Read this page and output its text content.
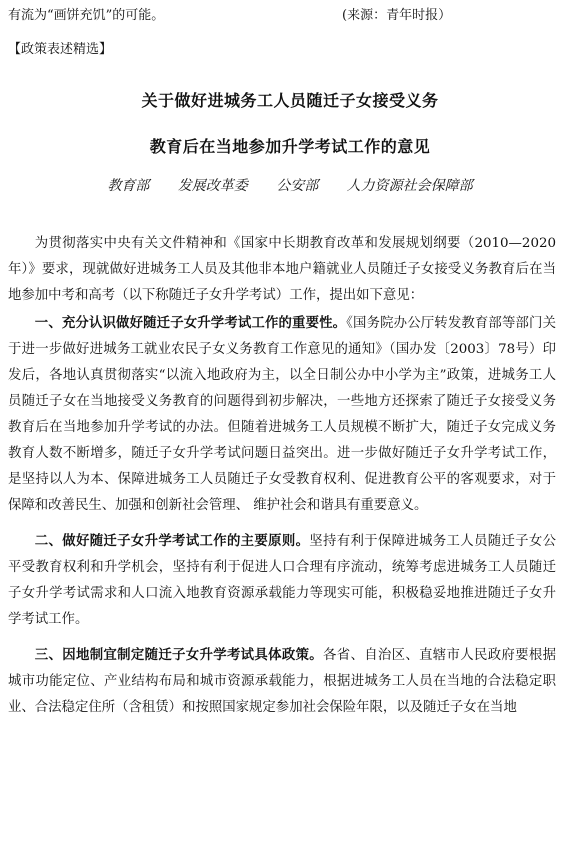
有流为“画饼充饥”的可能。	(来源：青年时报）
【政策表述精选】
关于做好进城务工人员随迁子女接受义务
教育后在当地参加升学考试工作的意见
教育部 发展改革委 公安部 人力资源社会保障部

为贯彻落实中央有关文件精神和《国家中长期教育改革和发展规划纲要（2010—2020年）》要求，现就做好进城务工人员及其他非本地户籍就业人员随迁子女接受义务教育后在当地参加中考和高考（以下称随迁子女升学考试）工作，提出如下意见：

一、充分认识做好随迁子女升学考试工作的重要性。《国务院办公厅转发教育部等部门关于进一步做好进城务工就业农民子女义务教育工作意见的通知》（国办发〔2003〕78号）印发后，各地认真贯彻落实“以流入地政府为主，以全日制公办中小学为主”政策，进城务工人员随迁子女在当地接受义务教育的问题得到初步解决，一些地方还探索了随迁子女接受义务教育后在当地参加升学考试的办法。但随着进城务工人员规模不断扩大，随迁子女完成义务教育人数不断增多，随迁子女升学考试问题日益突出。进一步做好随迁子女升学考试工作，是坚持以人为本、保障进城务工人员随迁子女受教育权利、促进教育公平的客观要求，对于保障和改善民生、加强和创新社会管理、 维护社会和谐具有重要意义。

二、做好随迁子女升学考试工作的主要原则。坚持有利于保障进城务工人员随迁子女公平受教育权利和升学机会，坚持有利于促进人口合理有序流动，统筹考虑进城务工人员随迁子女升学考试需求和人口流入地教育资源承载能力等现实可能，积极稳妥地推进随迁子女升学考试工作。

三、因地制宜制定随迁子女升学考试具体政策。各省、自治区、直辖市人民政府要根据城市功能定位、产业结构布局和城市资源承载能力，根据进城务工人员在当地的合法稳定职业、合法稳定住所（含租赁）和按照国家规定参加社会保险年限，以及随迁子女在当地
